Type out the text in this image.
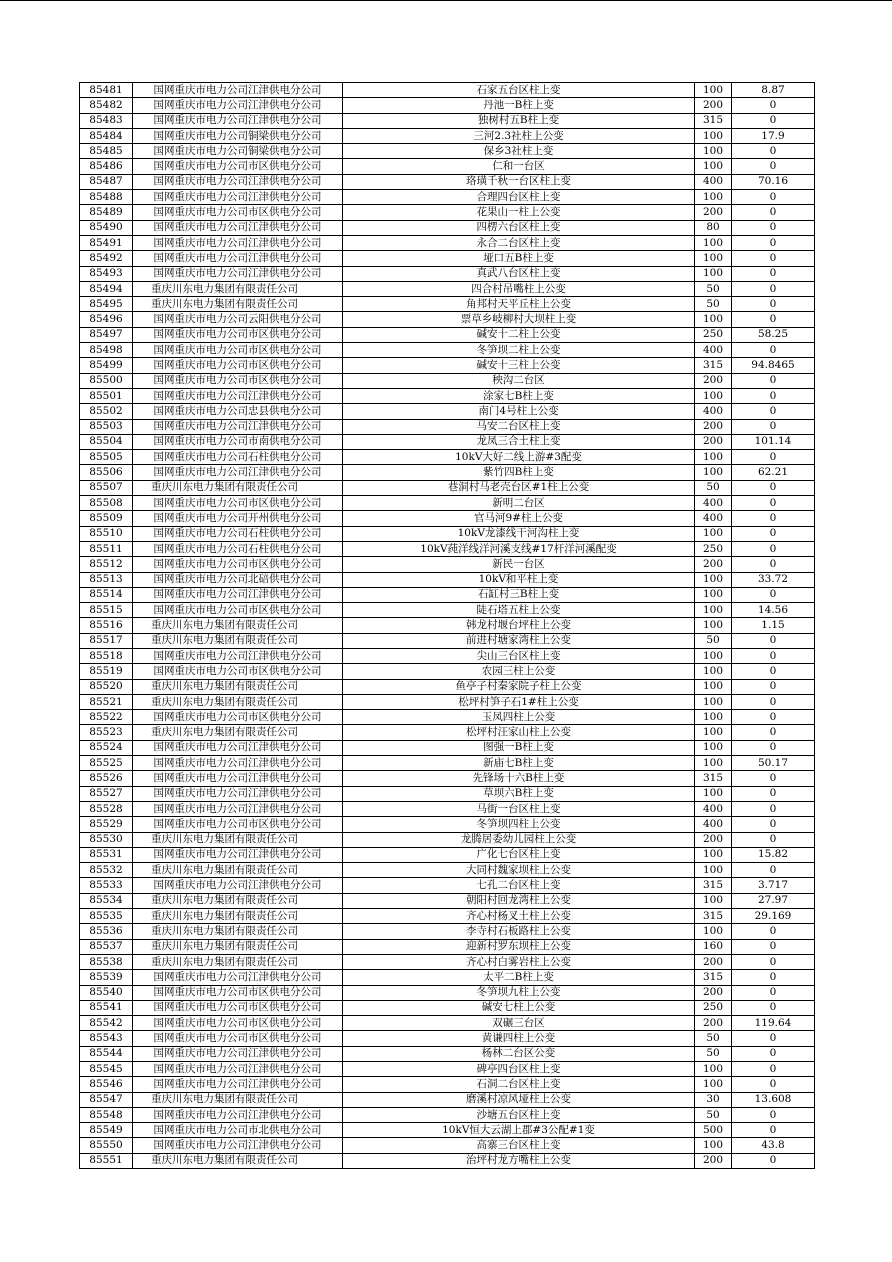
85481	国网重庆市电力公司江津供电分公司	石家五台区柱上变	100	8.87
85482	国网重庆市电力公司江津供电分公司	丹池一B柱上变	200	0
85483	国网重庆市电力公司江津供电分公司	独树村五B柱上变	315	0
85484	国网重庆市电力公司铜梁供电分公司	三河2.3社柱上公变	100	17.9
85485	国网重庆市电力公司铜梁供电分公司	保乡3社柱上变	100	0
85486	国网重庆市电力公司市区供电分公司	仁和一台区	100	0
85487	国网重庆市电力公司江津供电分公司	珞璜千秋一台区柱上变	400	70.16
85488	国网重庆市电力公司江津供电分公司	合理四台区柱上变	100	0
85489	国网重庆市电力公司市区供电分公司	花果山一柱上公变	200	0
85490	国网重庆市电力公司江津供电分公司	四楞六台区柱上变	80	0
85491	国网重庆市电力公司江津供电分公司	永合二台区柱上变	100	0
85492	国网重庆市电力公司江津供电分公司	垭口五B柱上变	100	0
85493	国网重庆市电力公司江津供电分公司	真武八台区柱上变	100	0
85494	重庆川东电力集团有限责任公司	四合村吊嘴柱上公变	50	0
85495	重庆川东电力集团有限责任公司	角邦村天平丘柱上公变	50	0
85496	国网重庆市电力公司云阳供电分公司	票草乡岐柳村大坝柱上变	100	0
85497	国网重庆市电力公司市区供电分公司	碱安十二柱上公变	250	58.25
85498	国网重庆市电力公司市区供电分公司	冬笋坝二柱上公变	400	0
85499	国网重庆市电力公司市区供电分公司	碱安十三柱上公变	315	94.8465
85500	国网重庆市电力公司市区供电分公司	秧沟二台区	200	0
85501	国网重庆市电力公司江津供电分公司	涂家七B柱上变	100	0
85502	国网重庆市电力公司忠县供电分公司	南门4号柱上公变	400	0
85503	国网重庆市电力公司江津供电分公司	马安二台区柱上变	200	0
85504	国网重庆市电力公司市南供电分公司	龙凤三合土柱上变	200	101.14
85505	国网重庆市电力公司石柱供电分公司	10kV大好二线上游#3配变	100	0
85506	国网重庆市电力公司江津供电分公司	紫竹四B柱上变	100	62.21
85507	重庆川东电力集团有限责任公司	巷洞村马老壳台区#1柱上公变	50	0
85508	国网重庆市电力公司市区供电分公司	新明二台区	400	0
85509	国网重庆市电力公司开州供电分公司	官马河9#柱上公变	400	0
85510	国网重庆市电力公司石柱供电分公司	10kV龙漆线干河沟柱上变	100	0
85511	国网重庆市电力公司石柱供电分公司	10kV莼洋线洋河溪支线#17杆洋河溪配变	250	0
85512	国网重庆市电力公司市区供电分公司	新民一台区	200	0
85513	国网重庆市电力公司北碚供电分公司	10kV和平柱上变	100	33.72
85514	国网重庆市电力公司江津供电分公司	石缸村三B柱上变	100	0
85515	国网重庆市电力公司市区供电分公司	陡石塔五柱上公变	100	14.56
85516	重庆川东电力集团有限责任公司	韩龙村堰台坪柱上公变	100	1.15
85517	重庆川东电力集团有限责任公司	前进村塘家湾柱上公变	50	0
85518	国网重庆市电力公司江津供电分公司	尖山三台区柱上变	100	0
85519	国网重庆市电力公司市区供电分公司	农园三柱上公变	100	0
85520	重庆川东电力集团有限责任公司	鱼亭子村秦家院子柱上公变	100	0
85521	重庆川东电力集团有限责任公司	松坪村笋子石1#柱上公变	100	0
85522	国网重庆市电力公司市区供电分公司	玉凤四柱上公变	100	0
85523	重庆川东电力集团有限责任公司	松坪村汪家山柱上公变	100	0
85524	国网重庆市电力公司江津供电分公司	图强一B柱上变	100	0
85525	国网重庆市电力公司江津供电分公司	新庙七B柱上变	100	50.17
85526	国网重庆市电力公司江津供电分公司	先锋场十六B柱上变	315	0
85527	国网重庆市电力公司江津供电分公司	草坝六B柱上变	100	0
85528	国网重庆市电力公司江津供电分公司	马街一台区柱上变	400	0
85529	国网重庆市电力公司市区供电分公司	冬笋坝四柱上公变	400	0
85530	重庆川东电力集团有限责任公司	龙腾居委幼儿园柱上公变	200	0
85531	国网重庆市电力公司江津供电分公司	广化七台区柱上变	100	15.82
85532	重庆川东电力集团有限责任公司	大同村魏家坝柱上公变	100	0
85533	国网重庆市电力公司江津供电分公司	七孔二台区柱上变	315	3.717
85534	重庆川东电力集团有限责任公司	朝阳村回龙湾柱上公变	100	27.97
85535	重庆川东电力集团有限责任公司	齐心村杨叉土柱上公变	315	29.169
85536	重庆川东电力集团有限责任公司	李寺村石板路柱上公变	100	0
85537	重庆川东电力集团有限责任公司	迎新村罗东坝柱上公变	160	0
85538	重庆川东电力集团有限责任公司	齐心村白雾岩柱上公变	200	0
85539	国网重庆市电力公司江津供电分公司	太平二B柱上变	315	0
85540	国网重庆市电力公司市区供电分公司	冬笋坝九柱上公变	200	0
85541	国网重庆市电力公司市区供电分公司	碱安七柱上公变	250	0
85542	国网重庆市电力公司市区供电分公司	双碾三台区	200	119.64
85543	国网重庆市电力公司市区供电分公司	黄谦四柱上公变	50	0
85544	国网重庆市电力公司江津供电分公司	杨林二台区公变	50	0
85545	国网重庆市电力公司江津供电分公司	碑亭四台区柱上变	100	0
85546	国网重庆市电力公司江津供电分公司	石洞二台区柱上变	100	0
85547	重庆川东电力集团有限责任公司	磨溪村凉风垭柱上公变	30	13.608
85548	国网重庆市电力公司江津供电分公司	沙塘五台区柱上变	50	0
85549	国网重庆市电力公司市北供电分公司	10kV恒大云湖上郡#3公配#1变	500	0
85550	国网重庆市电力公司江津供电分公司	高寨三台区柱上变	100	43.8
85551	重庆川东电力集团有限责任公司	治坪村龙方嘴柱上公变	200	0
